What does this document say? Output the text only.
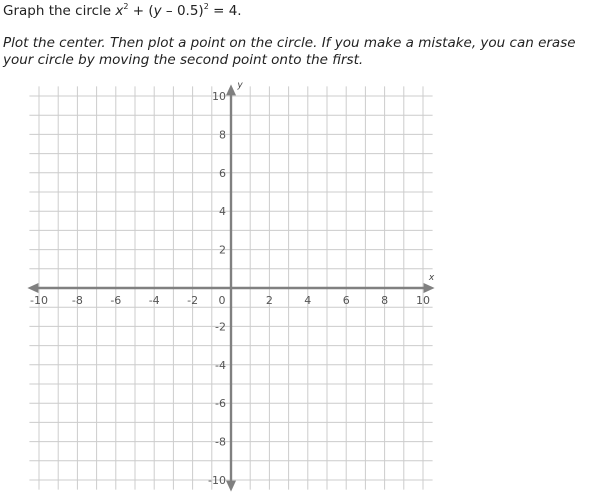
Graph the circle $x^2 + (y - 0.5)^2 = 4$.
Plot the center. Then plot a point on the circle. If you make a mistake, you can erase your circle by moving the second point onto the first.
-10 -8 -6 -4 -2 0	2	4	6	8	10
10
8
6
4
2
-2
-4
-6
-8
-10
x
y
